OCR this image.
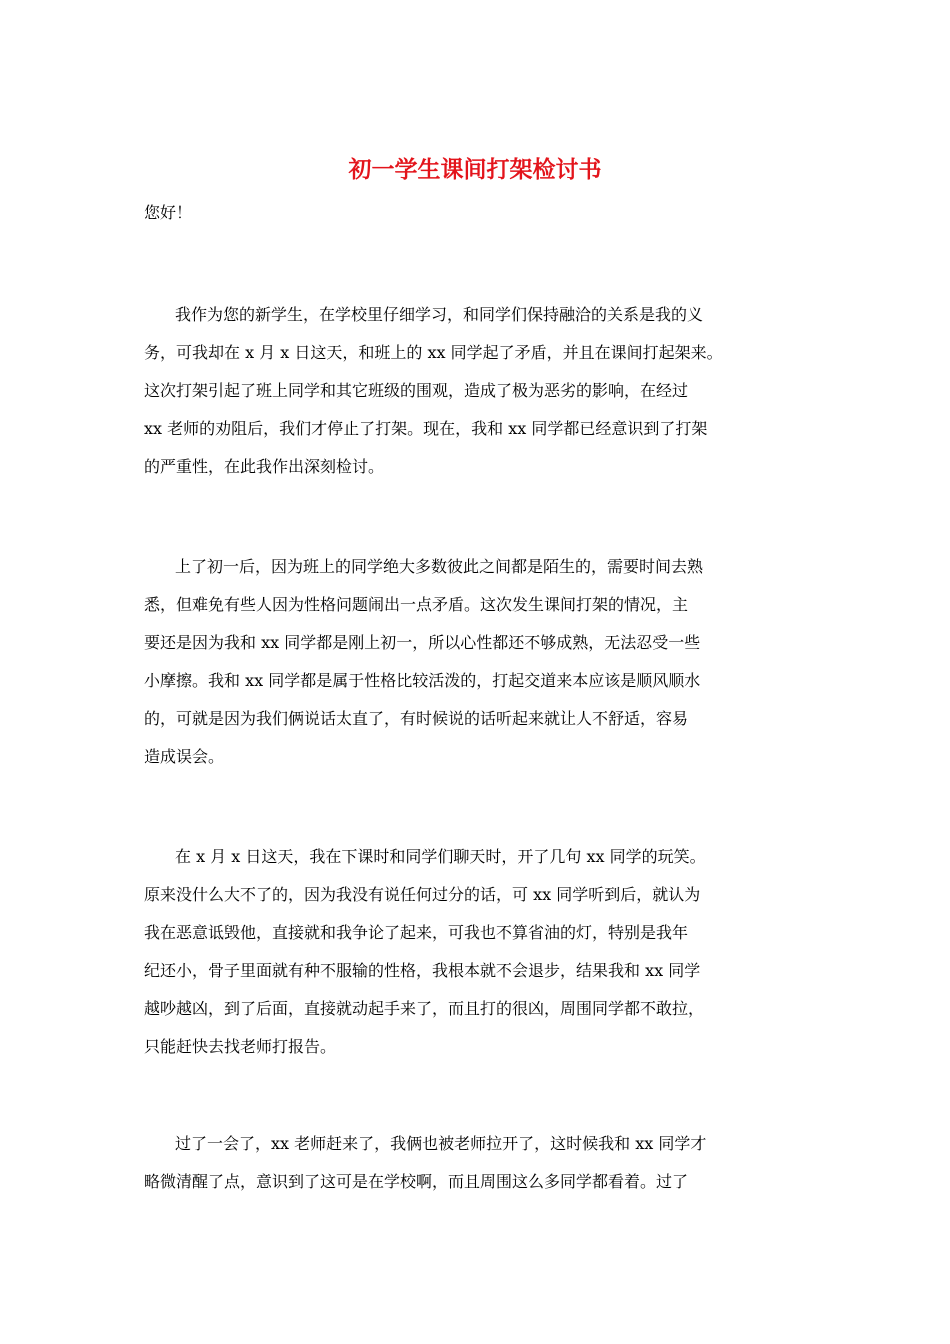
初一学生课间打架检讨书
您好！
我作为您的新学生，在学校里仔细学习，和同学们保持融洽的关系是我的义
务，可我却在 x 月 x 日这天，和班上的 xx 同学起了矛盾，并且在课间打起架来。
这次打架引起了班上同学和其它班级的围观，造成了极为恶劣的影响，在经过
xx 老师的劝阻后，我们才停止了打架。现在，我和 xx 同学都已经意识到了打架
的严重性，在此我作出深刻检讨。
上了初一后，因为班上的同学绝大多数彼此之间都是陌生的，需要时间去熟
悉，但难免有些人因为性格问题闹出一点矛盾。这次发生课间打架的情况，主
要还是因为我和 xx 同学都是刚上初一，所以心性都还不够成熟，无法忍受一些
小摩擦。我和 xx 同学都是属于性格比较活泼的，打起交道来本应该是顺风顺水
的，可就是因为我们俩说话太直了，有时候说的话听起来就让人不舒适，容易
造成误会。
在 x 月 x 日这天，我在下课时和同学们聊天时，开了几句 xx 同学的玩笑。
原来没什么大不了的，因为我没有说任何过分的话，可 xx 同学听到后，就认为
我在恶意诋毁他，直接就和我争论了起来，可我也不算省油的灯，特别是我年
纪还小，骨子里面就有种不服输的性格，我根本就不会退步，结果我和 xx 同学
越吵越凶，到了后面，直接就动起手来了，而且打的很凶，周围同学都不敢拉，
只能赶快去找老师打报告。
过了一会了，xx 老师赶来了，我俩也被老师拉开了，这时候我和 xx 同学才
略微清醒了点，意识到了这可是在学校啊，而且周围这么多同学都看着。过了
